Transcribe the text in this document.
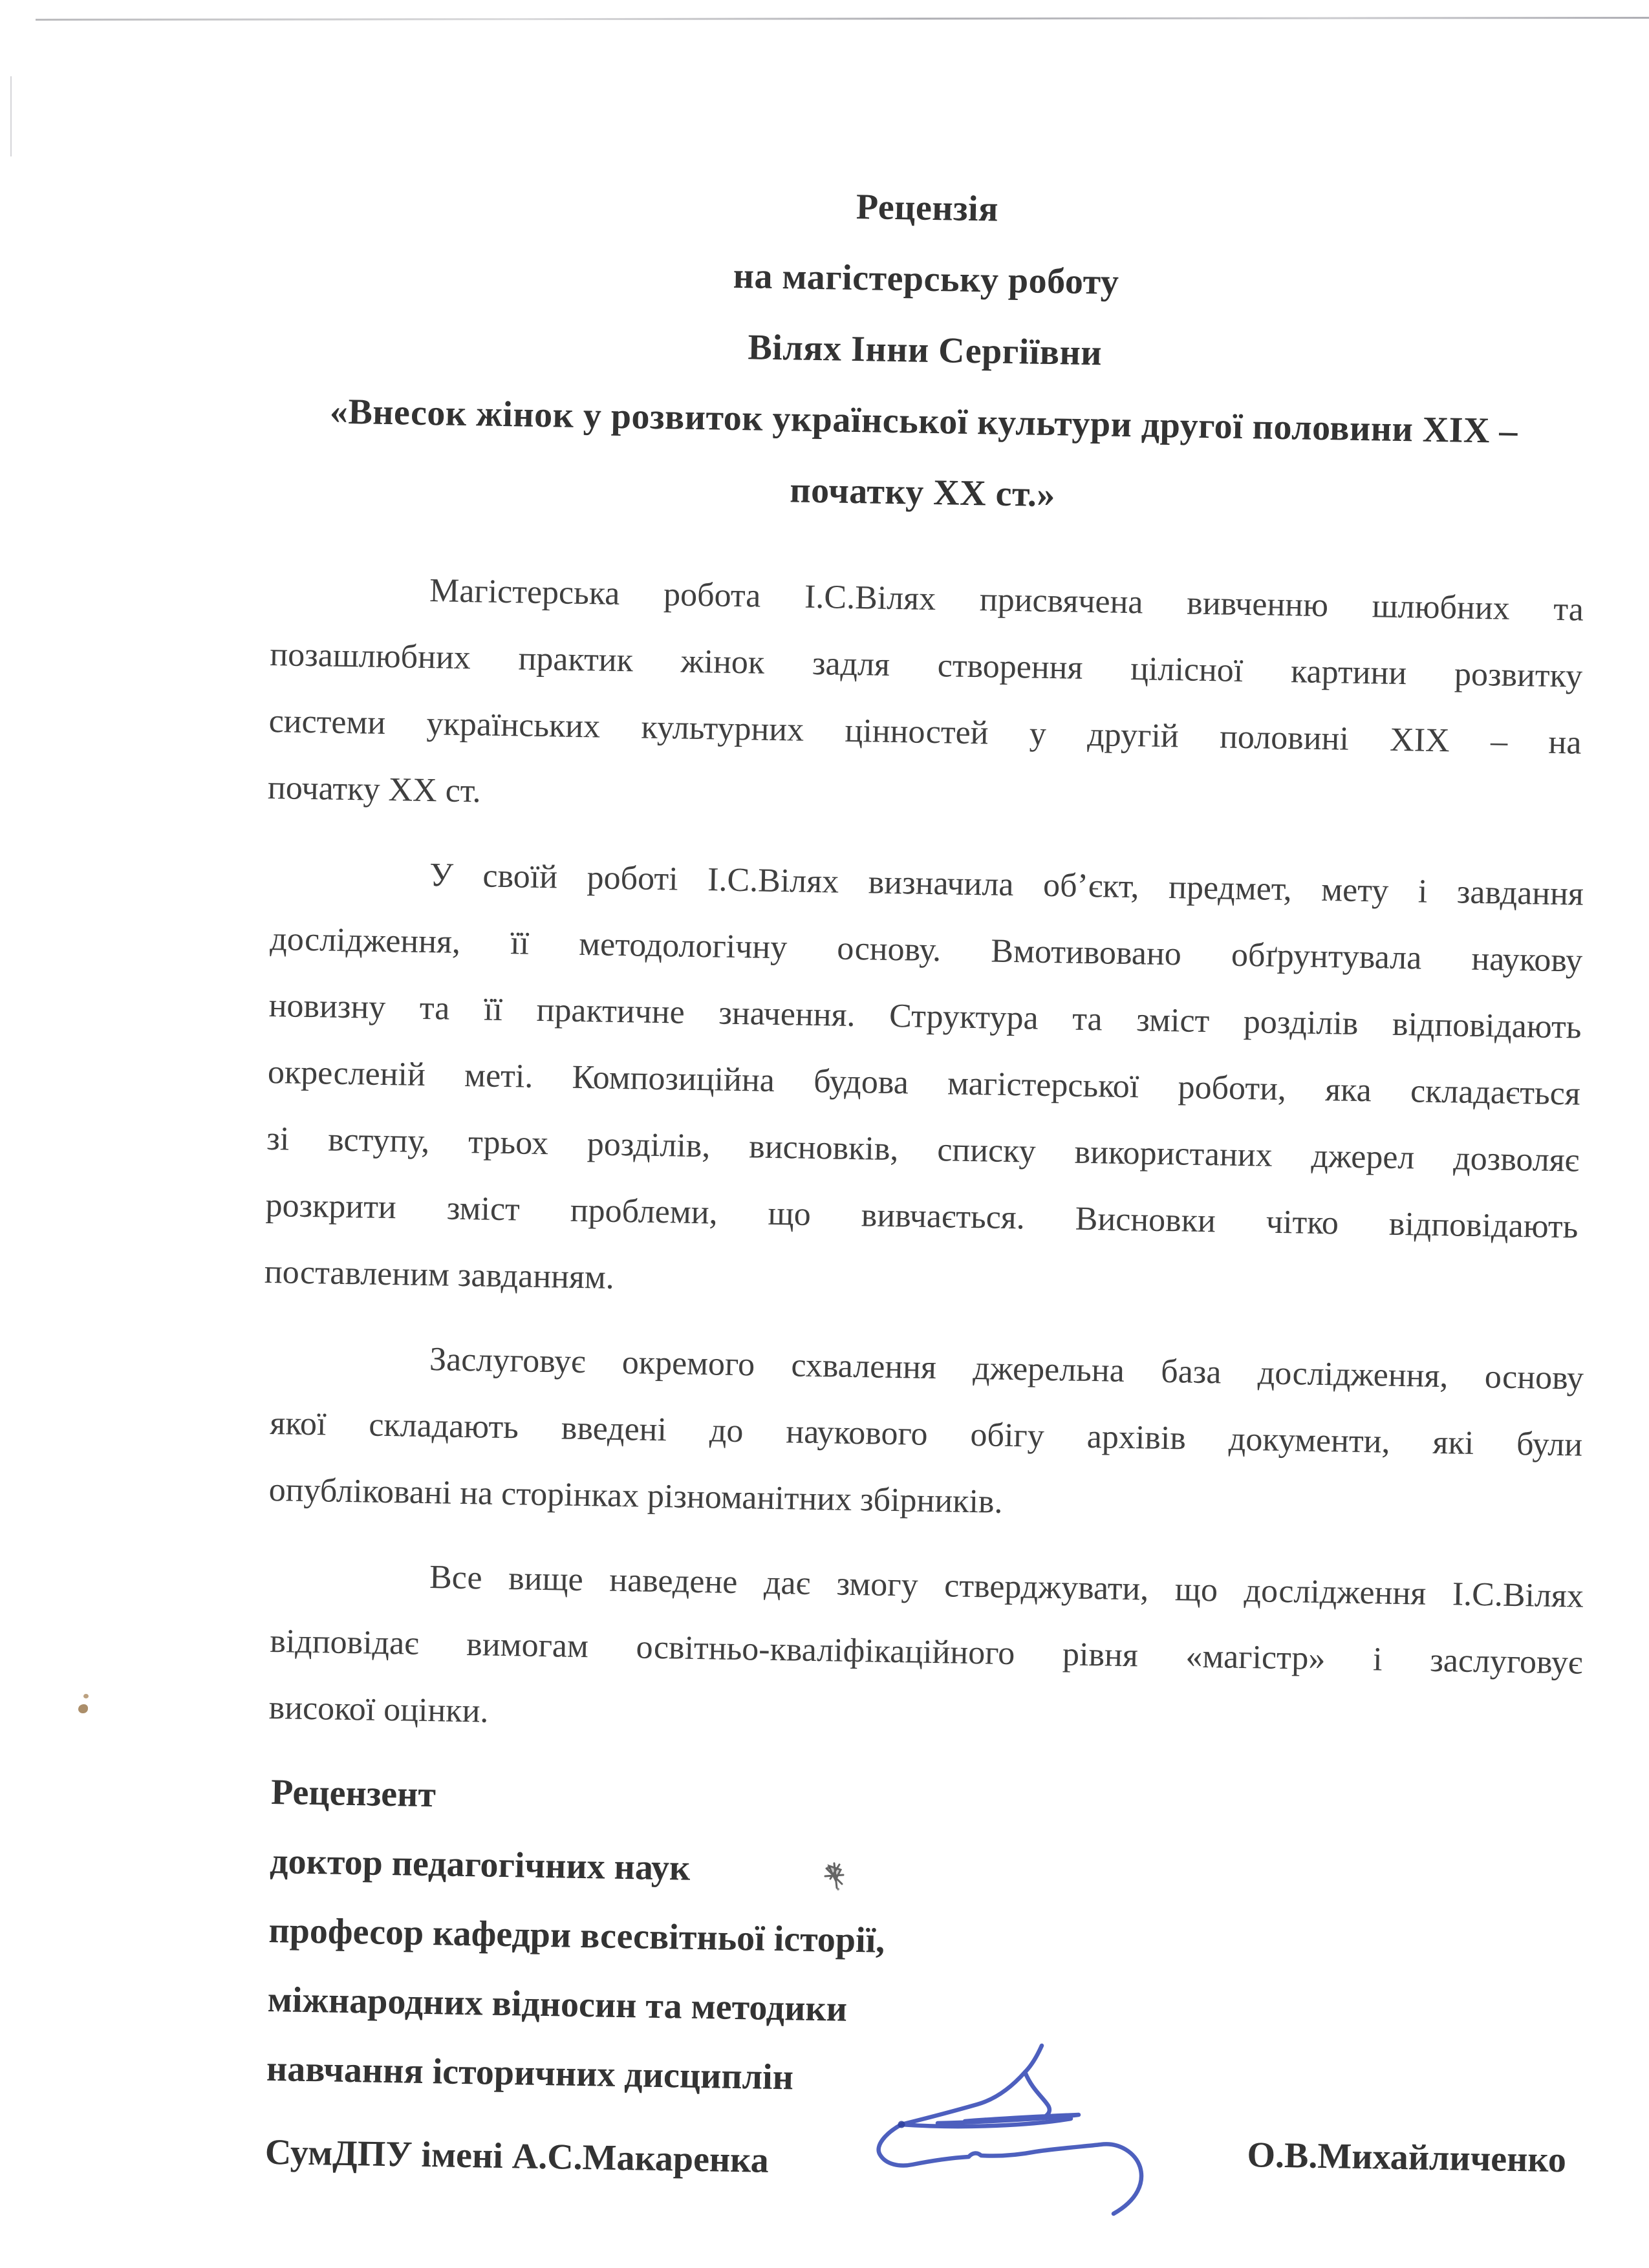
Рецензія
на магістерську роботу
Вілях Інни Сергіївни
«Внесок жінок у розвиток української культури другої половини XIX –
початку XX ст.»
Магістерська робота І.С.Вілях присвячена вивченню шлюбних та
позашлюбних практик жінок задля створення цілісної картини розвитку
системи українських культурних цінностей у другій половині XIX – на
початку XX ст.
У своїй роботі І.С.Вілях визначила об’єкт, предмет, мету і завдання
дослідження, її методологічну основу. Вмотивовано обґрунтувала наукову
новизну та її практичне значення. Структура та зміст розділів відповідають
окресленій меті. Композиційна будова магістерської роботи, яка складається
зі вступу, трьох розділів, висновків, списку використаних джерел дозволяє
розкрити зміст проблеми, що вивчається. Висновки чітко відповідають
поставленим завданням.
Заслуговує окремого схвалення джерельна база дослідження, основу
якої складають введені до наукового обігу архівів документи, які були
опубліковані на сторінках різноманітних збірників.
Все вище наведене дає змогу стверджувати, що дослідження І.С.Вілях
відповідає вимогам освітньо-кваліфікаційного рівня «магістр» і заслуговує
високої оцінки.
Рецензент
доктор педагогічних наук
професор кафедри всесвітньої історії,
міжнародних відносин та методики
навчання історичних дисциплін
СумДПУ імені А.С.Макаренка	О.В.Михайличенко
